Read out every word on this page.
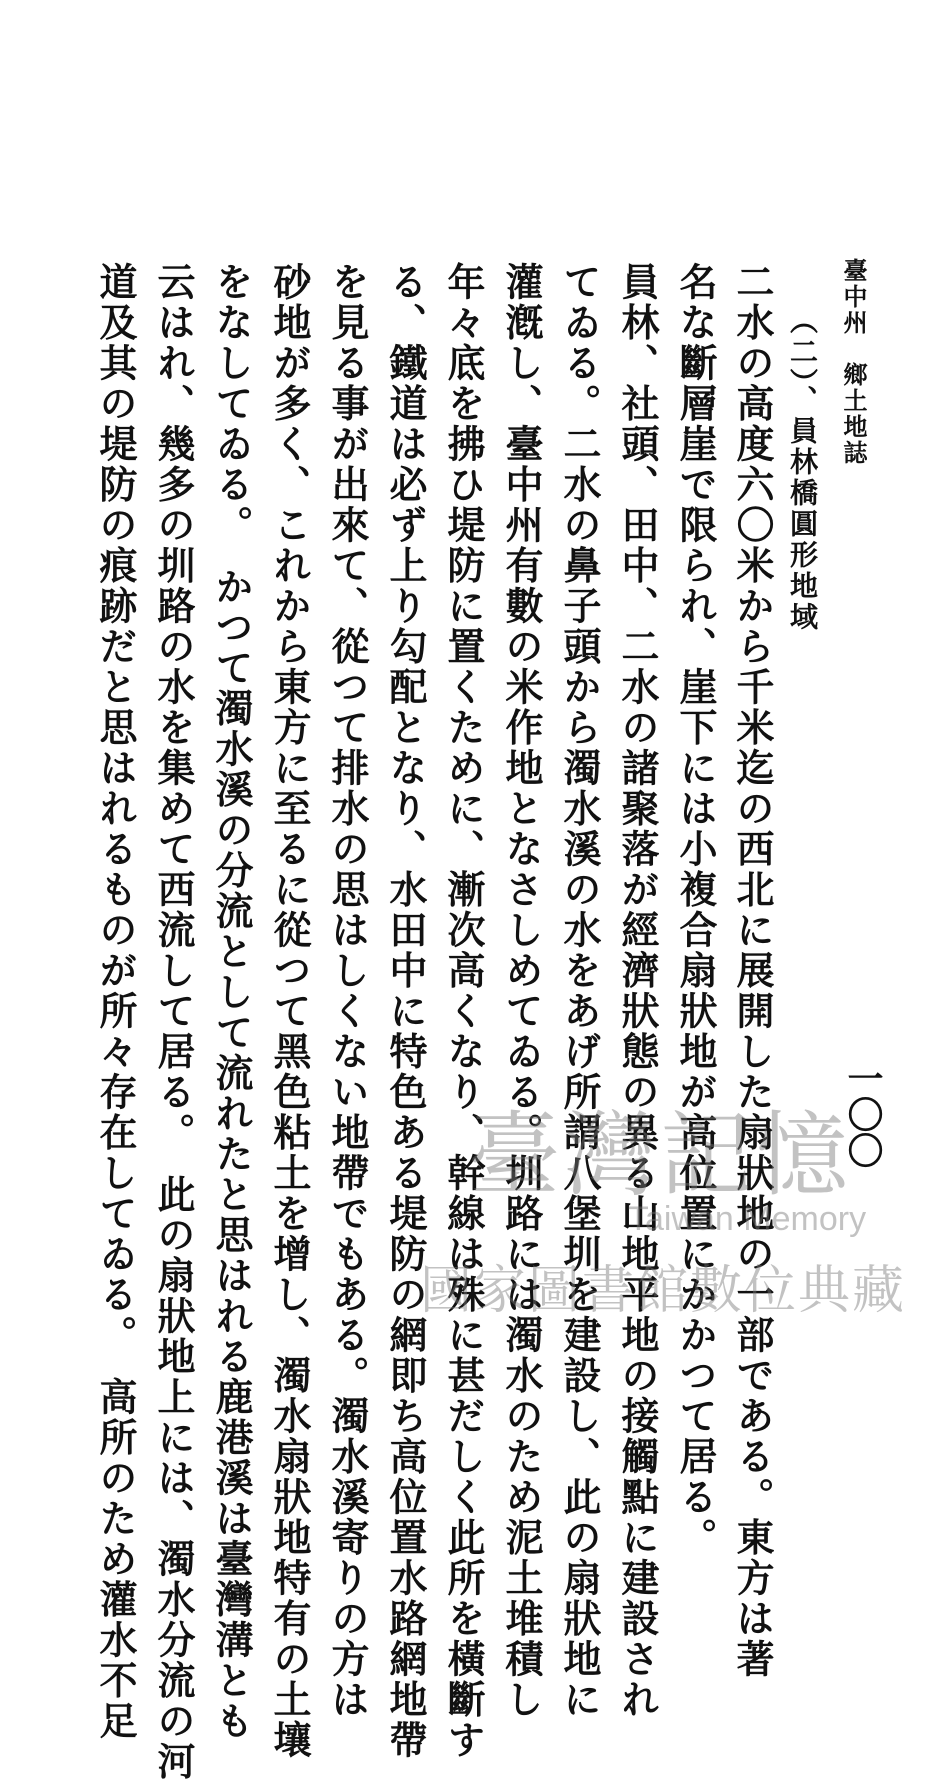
臺中州　鄉土地誌
一〇〇
（二）、員林橋圓形地域
二水の高度六〇米から千米迄の西北に展開した扇狀地の一部である。東方は著
名な斷層崖で限られ、崖下には小複合扇狀地が高位置にかかつて居る。
員林、社頭、田中、二水の諸聚落が經濟狀態の異る山地平地の接觸點に建設され
てゐる。二水の鼻子頭から濁水溪の水をあげ所謂八堡圳を建設し、此の扇狀地に
灌漑し、臺中州有數の米作地となさしめてゐる。圳路には濁水のため泥土堆積し
年々底を拂ひ堤防に置くために、漸次高くなり、幹線は殊に甚だしく此所を橫斷す
る、鐵道は必ず上り勾配となり、水田中に特色ある堤防の網即ち高位置水路網地帶
を見る事が出來て、從つて排水の思はしくない地帶でもある。濁水溪寄りの方は
砂地が多く、これから東方に至るに從つて黑色粘土を增し、濁水扇狀地特有の土壤
をなしてゐる。　かつて濁水溪の分流として流れたと思はれる鹿港溪は臺灣溝とも
云はれ、幾多の圳路の水を集めて西流して居る。　此の扇狀地上には、濁水分流の河
道及其の堤防の痕跡だと思はれるものが所々存在してゐる。　高所のため灌水不足	臺灣記憶
Taiwan Memory
國家圖書館數位典藏
